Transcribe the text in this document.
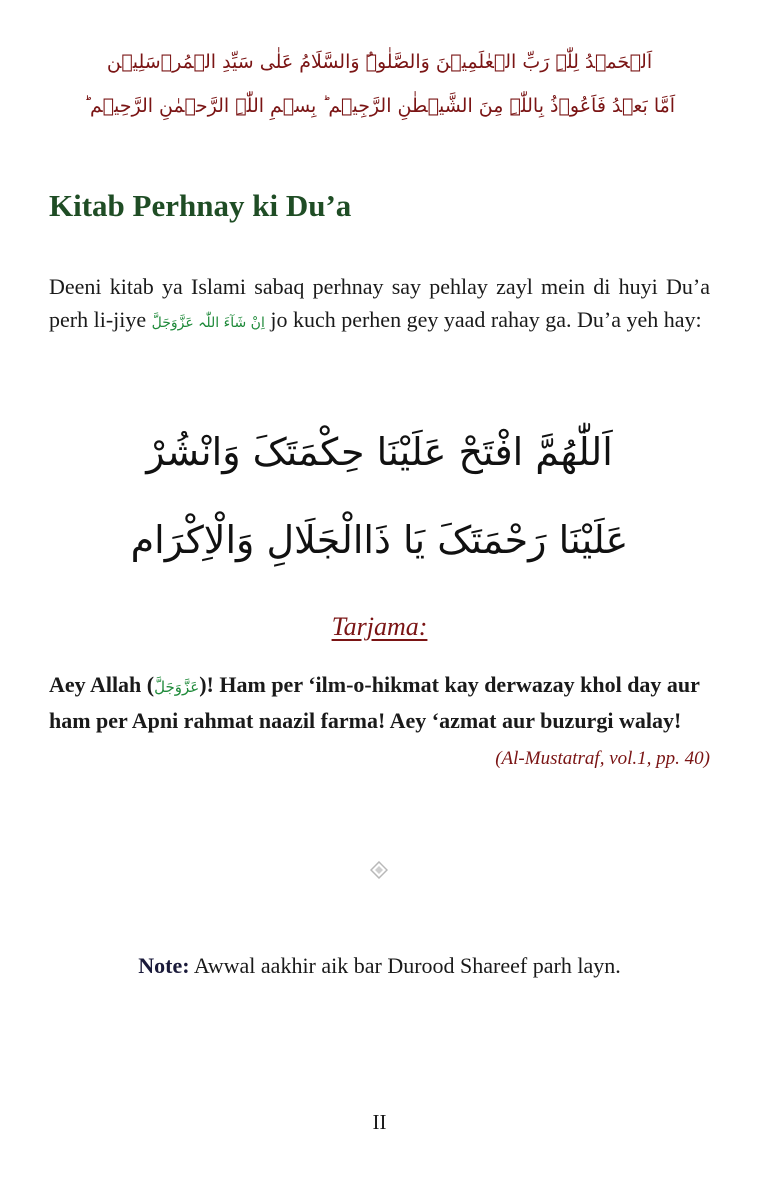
اَلۡحَمۡدُ لِلّٰہِ رَبِّ الۡعٰلَمِیۡنَ وَالصَّلٰوۃُ وَالسَّلَامُ عَلٰی سَیِّدِ الۡمُرۡسَلِیۡن
اَمَّا بَعۡدُ فَاَعُوۡذُ بِاللّٰہِ مِنَ الشَّیۡطٰنِ الرَّجِیۡم ؕ بِسۡمِ اللّٰہِ الرَّحۡمٰنِ الرَّحِیۡم ؕ
Kitab Perhnay ki Du’a

Deeni kitab ya Islami sabaq perhnay say pehlay zayl mein di huyi Du’a perh li-jiye اِنْ شَآءَ اللّٰہ عَزَّوَجَلَّ jo kuch perhen gey yaad rahay ga. Du’a yeh hay:

اَللّٰھُمَّ افْتَحْ عَلَیْنَا حِکْمَتَکَ وَانْشُرْ
عَلَیْنَا رَحْمَتَکَ یَا ذَاالْجَلَالِ وَالْاِکْرَام
Tarjama:

Aey Allah (عَزَّوَجَلَّ)! Ham per ‘ilm-o-hikmat kay derwazay khol day aur ham per Apni rahmat naazil farma! Aey ‘azmat aur buzurgi walay!

(Al-Mustatraf, vol.1, pp. 40)
Note: Awwal aakhir aik bar Durood Shareef parh layn.
II
